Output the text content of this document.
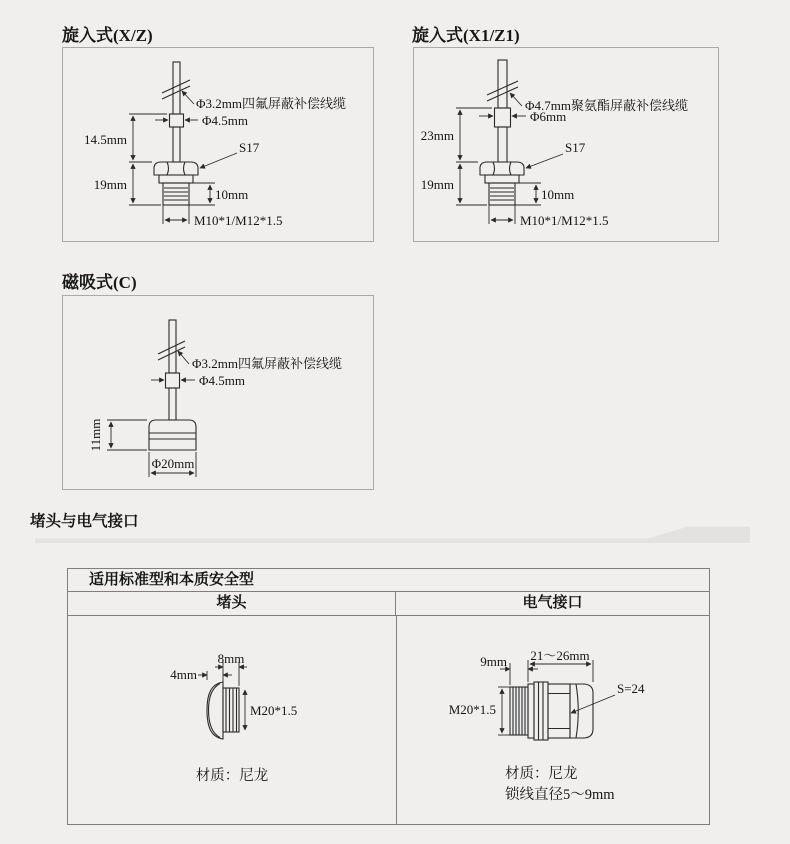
旋入式(X/Z)
Φ3.2mm四氟屏蔽补偿线缆
Φ4.5mm
14.5mm
S17
19mm
10mm
M10*1/M12*1.5
旋入式(X1/Z1)
Φ4.7mm聚氨酯屏蔽补偿线缆
Φ6mm
23mm
S17
19mm
10mm
M10*1/M12*1.5
磁吸式(C)
Φ3.2mm四氟屏蔽补偿线缆
Φ4.5mm
11mm
Φ20mm
堵头与电气接口
适用标准型和本质安全型
堵头	电气接口
4mm
8mm
M20*1.5
材质：尼龙
9mm 21～26mm
M20*1.5
S=24
材质：尼龙
锁线直径5～9mm
